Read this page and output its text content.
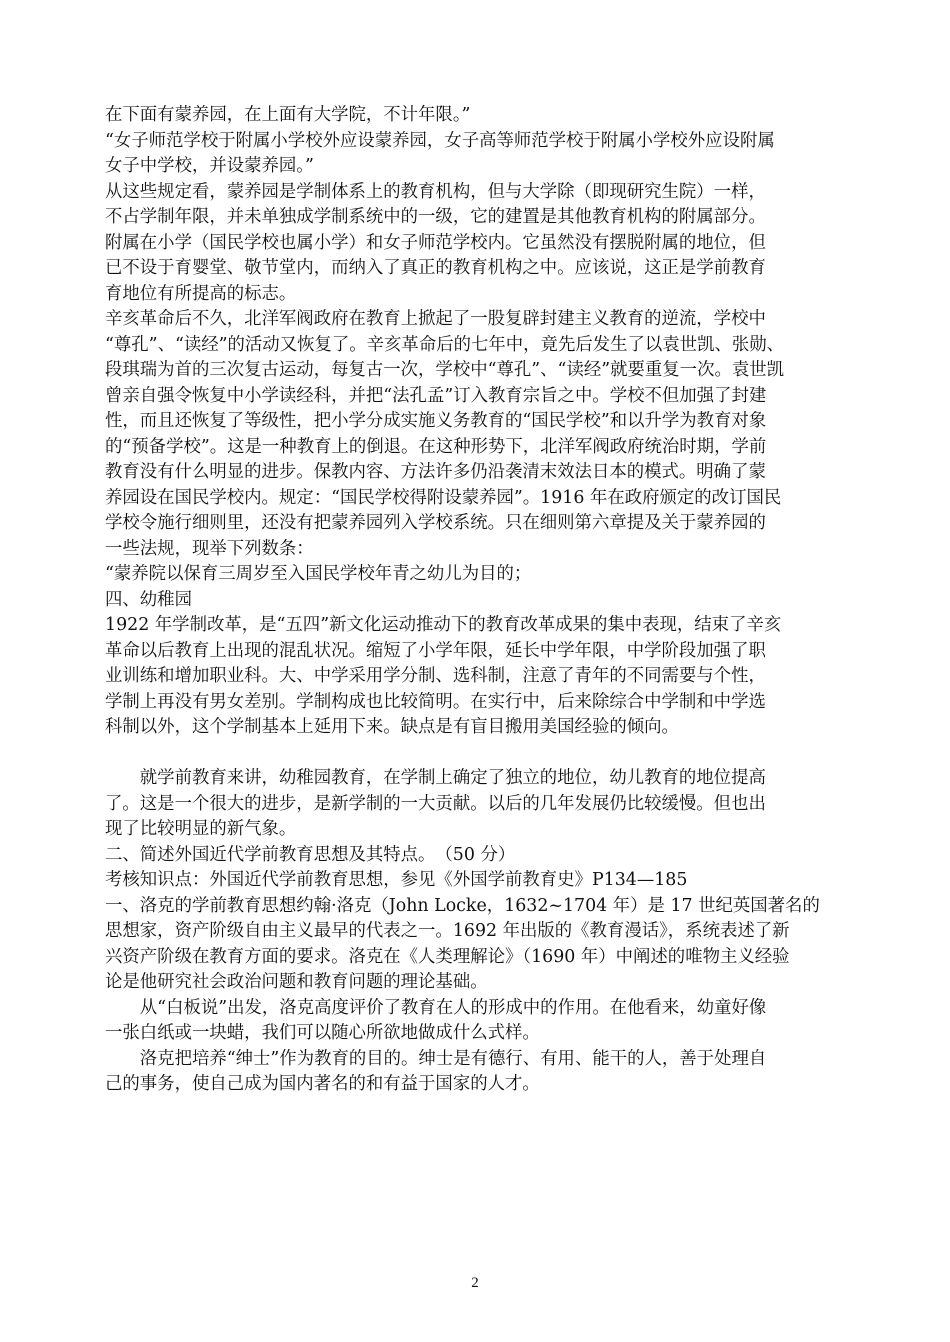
在下面有蒙养园，在上面有大学院，不计年限。”
“女子师范学校于附属小学校外应设蒙养园，女子高等师范学校于附属小学校外应设附属
女子中学校，并设蒙养园。”
从这些规定看，蒙养园是学制体系上的教育机构，但与大学除（即现研究生院）一样，
不占学制年限，并未单独成学制系统中的一级，它的建置是其他教育机构的附属部分。
附属在小学（国民学校也属小学）和女子师范学校内。它虽然没有摆脱附属的地位，但
已不设于育婴堂、敬节堂内，而纳入了真正的教育机构之中。应该说，这正是学前教育
育地位有所提高的标志。
辛亥革命后不久，北洋军阀政府在教育上掀起了一股复辟封建主义教育的逆流，学校中
“尊孔”、“读经”的活动又恢复了。辛亥革命后的七年中，竟先后发生了以袁世凯、张勋、
段琪瑞为首的三次复古运动，每复古一次，学校中“尊孔”、“读经”就要重复一次。袁世凯
曾亲自强令恢复中小学读经科，并把“法孔孟”订入教育宗旨之中。学校不但加强了封建
性，而且还恢复了等级性，把小学分成实施义务教育的“国民学校”和以升学为教育对象
的“预备学校”。这是一种教育上的倒退。在这种形势下，北洋军阀政府统治时期，学前
教育没有什么明显的进步。保教内容、方法许多仍沿袭清末效法日本的模式。明确了蒙
养园设在国民学校内。规定：“国民学校得附设蒙养园”。1916 年在政府颁定的改订国民
学校令施行细则里，还没有把蒙养园列入学校系统。只在细则第六章提及关于蒙养园的
一些法规，现举下列数条：
“蒙养院以保育三周岁至入国民学校年青之幼儿为目的；
四、幼稚园
1922 年学制改革，是“五四”新文化运动推动下的教育改革成果的集中表现，结束了辛亥
革命以后教育上出现的混乱状况。缩短了小学年限，延长中学年限，中学阶段加强了职
业训练和增加职业科。大、中学采用学分制、选科制，注意了青年的不同需要与个性，
学制上再没有男女差别。学制构成也比较简明。在实行中，后来除综合中学制和中学选
科制以外，这个学制基本上延用下来。缺点是有盲目搬用美国经验的倾向。
　　就学前教育来讲，幼稚园教育，在学制上确定了独立的地位，幼儿教育的地位提高
了。这是一个很大的进步，是新学制的一大贡献。以后的几年发展仍比较缓慢。但也出
现了比较明显的新气象。
二、简述外国近代学前教育思想及其特点。　（50 分）
考核知识点：外国近代学前教育思想，参见《外国学前教育史》P134—185
一、洛克的学前教育思想约翰·洛克（John Locke，1632~1704 年）是 17 世纪英国著名的
思想家，资产阶级自由主义最早的代表之一。1692 年出版的《教育漫话》，系统表述了新
兴资产阶级在教育方面的要求。洛克在《人类理解论》（1690 年）中阐述的唯物主义经验
论是他研究社会政治问题和教育问题的理论基础。
　　从“白板说”出发，洛克高度评价了教育在人的形成中的作用。在他看来，幼童好像
一张白纸或一块蜡，我们可以随心所欲地做成什么式样。
　　洛克把培养“绅士”作为教育的目的。绅士是有德行、有用、能干的人，善于处理自
己的事务，使自己成为国内著名的和有益于国家的人才。
2
